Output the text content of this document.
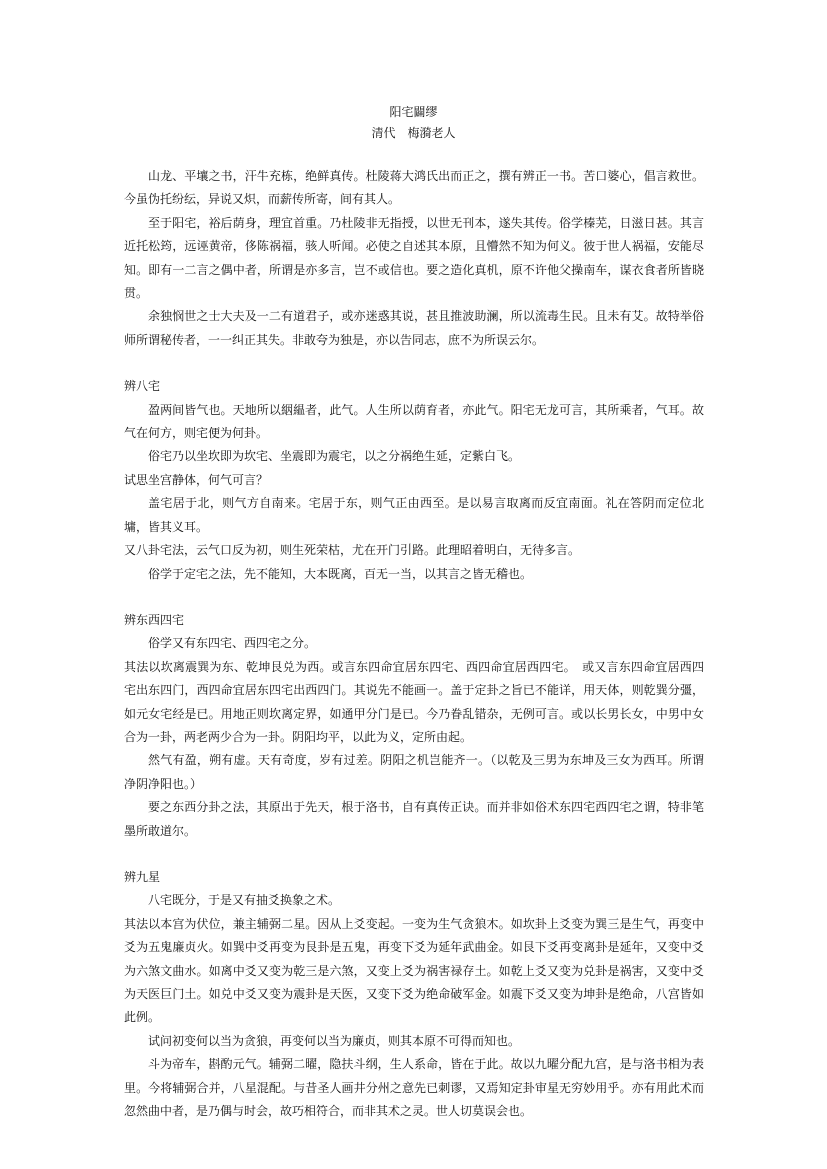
阳宅闢缪
清代　梅漪老人

山龙、平壤之书，汗牛充栋，绝鲜真传。杜陵蒋大鸿氏出而正之，撰有辨正一书。苦口婆心，倡言救世。今虽伪托纷纭，异说又炽，而薪传所寄，间有其人。

至于阳宅，裕后荫身，理宜首重。乃杜陵非无指授，以世无刊本，遂失其传。俗学榛芜，日滋日甚。其言近托松筠，远诬黄帝，侈陈祸福，骇人听闻。必使之自述其本原，且懵然不知为何义。彼于世人祸福，安能尽知。即有一二言之偶中者，所谓是亦多言，岂不或信也。要之造化真机，原不许他父操南车，谋衣食者所皆晓贯。

余独悯世之士大夫及一二有道君子，或亦迷惑其说，甚且推波助澜，所以流毒生民。且未有艾。故特举俗师所谓秘传者，一一纠正其失。非敢夸为独是，亦以告同志，庶不为所误云尔。

辨八宅

盈两间皆气也。天地所以絪緼者，此气。人生所以荫育者，亦此气。阳宅无龙可言，其所乘者，气耳。故气在何方，则宅便为何卦。

俗宅乃以坐坎即为坎宅、坐震即为震宅，以之分祸绝生延，定紫白飞。

试思坐宫静体，何气可言？

盖宅居于北，则气方自南来。宅居于东，则气正由西至。是以易言取离而反宜南面。礼在答阴而定位北墉，皆其义耳。

又八卦宅法，云气口反为初，则生死荣枯，尤在开门引路。此理昭着明白，无待多言。

俗学于定宅之法，先不能知，大本既离，百无一当，以其言之皆无稽也。

辨东西四宅

俗学又有东四宅、西四宅之分。

其法以坎离震巽为东、乾坤艮兑为西。或言东四命宜居东四宅、西四命宜居西四宅。　或又言东四命宜居西四宅出东四门，西四命宜居东四宅出西四门。其说先不能画一。盖于定卦之旨已不能详，用天体，则乾巽分彊，如元女宅经是已。用地正则坎离定界，如通甲分门是已。今乃眷乱错杂，无例可言。或以长男长女，中男中女合为一卦，两老两少合为一卦。阴阳均平，以此为义，定所由起。

然气有盈，朔有虚。天有奇度，岁有过差。阴阳之机岂能齐一。（以乾及三男为东坤及三女为西耳。所谓净阴净阳也。）

要之东西分卦之法，其原出于先天，根于洛书，自有真传正诀。而并非如俗术东四宅西四宅之谓，特非笔墨所敢道尔。

辨九星

八宅既分，于是又有抽爻换象之术。

其法以本宫为伏位，兼主辅弼二星。因从上爻变起。一变为生气贪狼木。如坎卦上爻变为巽三是生气，再变中爻为五鬼廉贞火。如巽中爻再变为艮卦是五鬼，再变下爻为延年武曲金。如艮下爻再变离卦是延年，又变中爻为六煞文曲水。如离中爻又变为乾三是六煞，又变上爻为祸害禄存土。如乾上爻又变为兑卦是祸害，又变中爻为天医巨门土。如兑中爻又变为震卦是天医，又变下爻为绝命破军金。如震下爻又变为坤卦是绝命，八宫皆如此例。

试问初变何以当为贪狼，再变何以当为廉贞，则其本原不可得而知也。

斗为帝车，斟酌元气。辅弼二曜，隐扶斗纲，生人系命，皆在于此。故以九曜分配九宫，是与洛书相为表里。今将辅弼合并，八星混配。与昔圣人画井分州之意先已刺谬，又焉知定卦审星无穷妙用乎。亦有用此术而忽然曲中者，是乃偶与时会，故巧相符合，而非其术之灵。世人切莫误会也。
